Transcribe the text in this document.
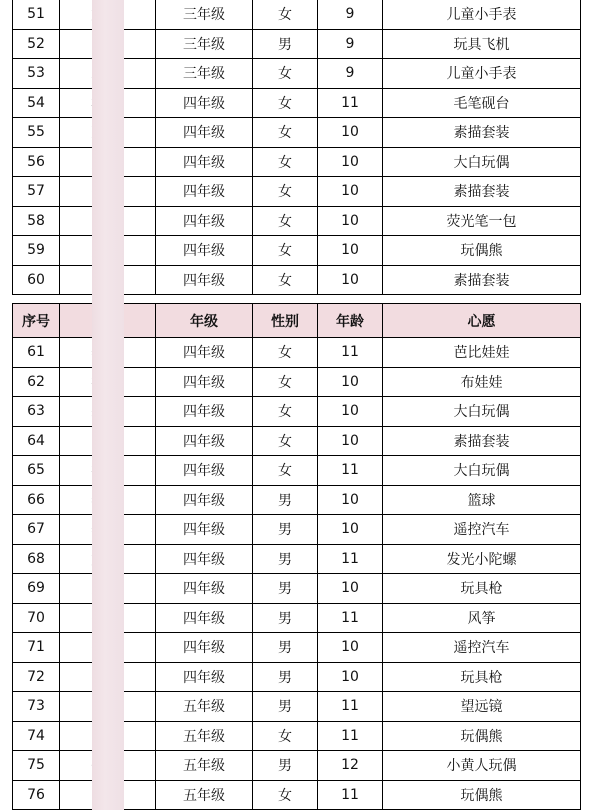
51		三年级	女	9	儿童小手表
52		三年级	男	9	玩具飞机
53		三年级	女	9	儿童小手表
54		四年级	女	11	毛笔砚台
55		四年级	女	10	素描套装
56		四年级	女	10	大白玩偶
57		四年级	女	10	素描套装
58		四年级	女	10	荧光笔一包
59		四年级	女	10	玩偶熊
60		四年级	女	10	素描套装
序号		年级	性别	年龄	心愿
61		四年级	女	11	芭比娃娃
62		四年级	女	10	布娃娃
63		四年级	女	10	大白玩偶
64		四年级	女	10	素描套装
65		四年级	女	11	大白玩偶
66		四年级	男	10	篮球
67		四年级	男	10	遥控汽车
68		四年级	男	11	发光小陀螺
69		四年级	男	10	玩具枪
70		四年级	男	11	风筝
71		四年级	男	10	遥控汽车
72		四年级	男	10	玩具枪
73		五年级	男	11	望远镜
74		五年级	女	11	玩偶熊
75		五年级	男	12	小黄人玩偶
76		五年级	女	11	玩偶熊
